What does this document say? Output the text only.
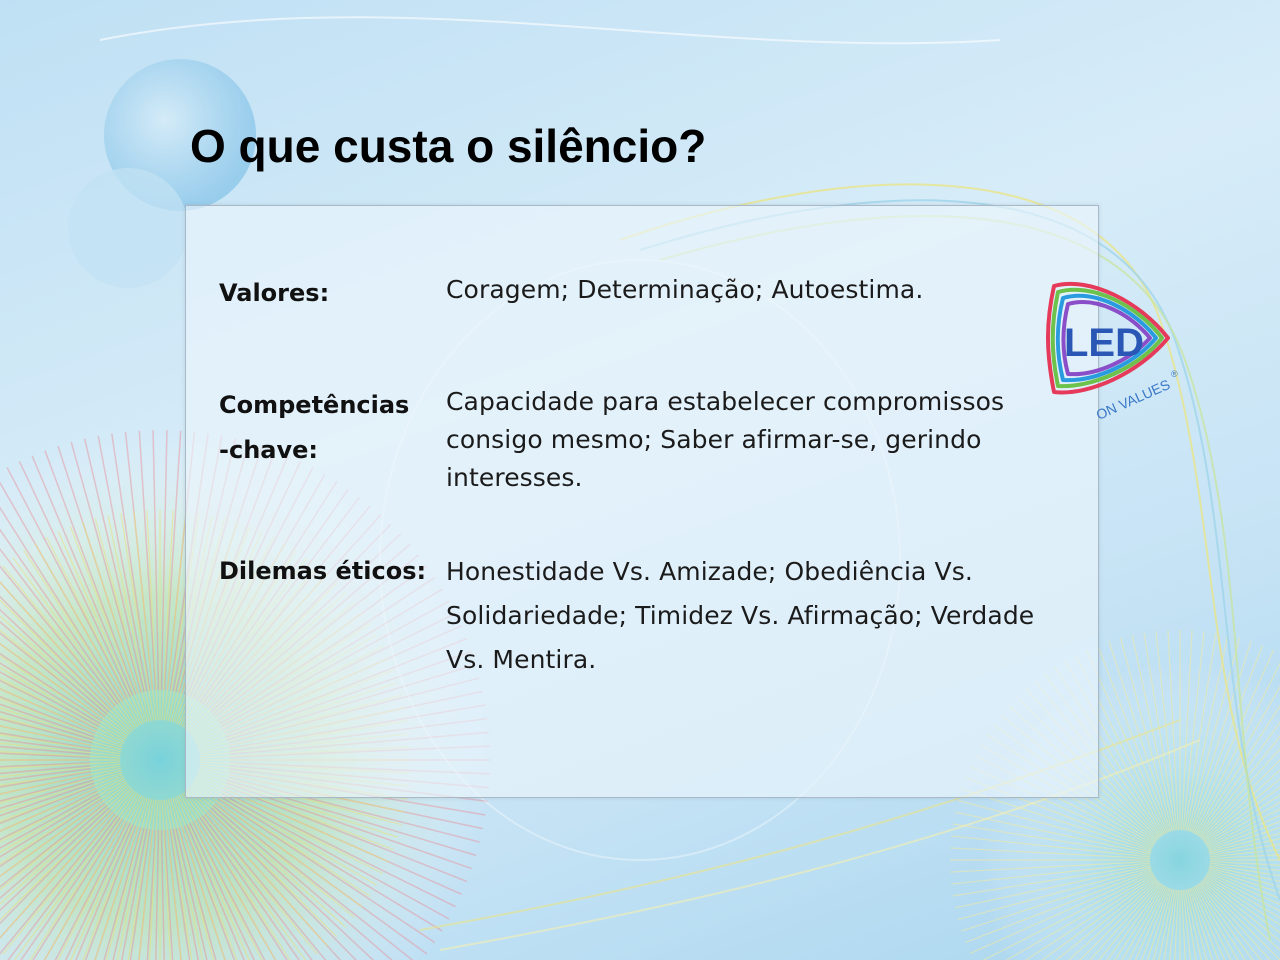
O que custa o silêncio?

Valores:	Coragem; Determinação; Autoestima.

Competências

-chave:

Capacidade para estabelecer compromissos

consigo mesmo; Saber afirmar-se, gerindo

interesses.

Dilemas éticos: Honestidade Vs. Amizade; Obediência Vs.

Solidariedade; Timidez Vs. Afirmação; Verdade

Vs. Mentira.

LED
ON VALUES
®
